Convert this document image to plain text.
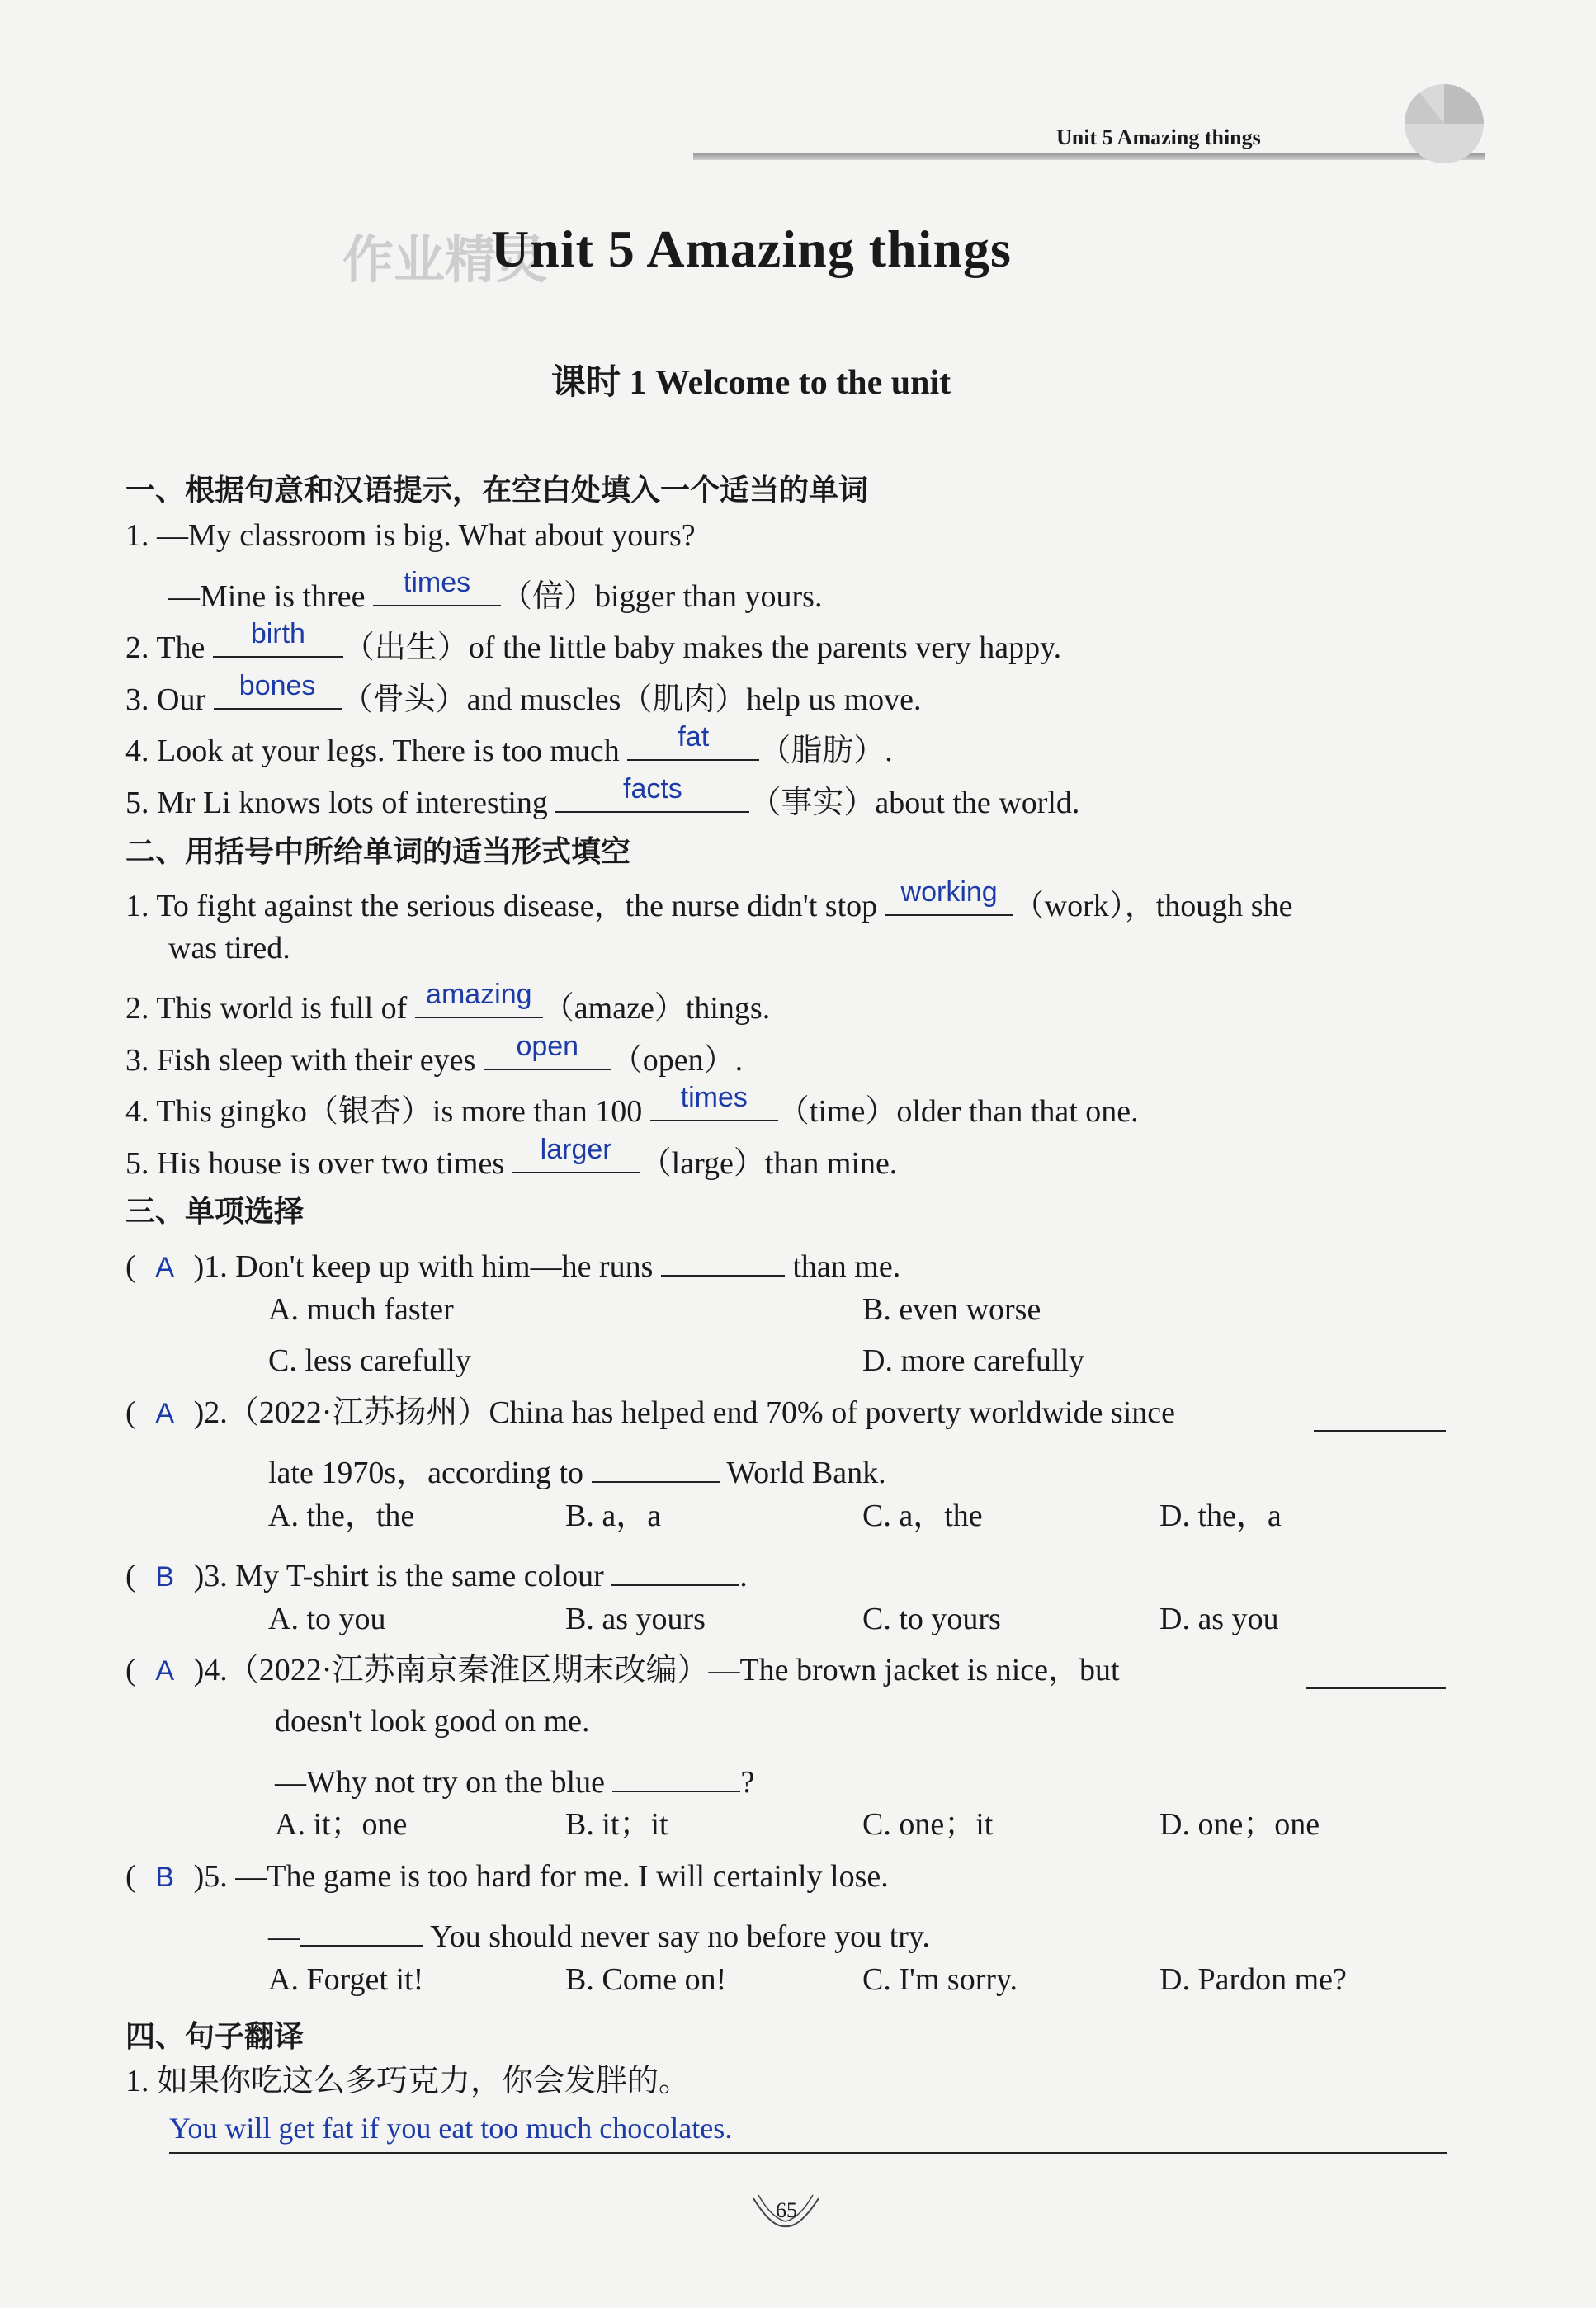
Unit 5 Amazing things
作业精灵
Unit 5 Amazing things
课时 1 Welcome to the unit
一、根据句意和汉语提示，在空白处填入一个适当的单词
1. —My classroom is big. What about yours?
—Mine is three	times （倍）bigger than yours.
2. The	birth	（出生）of the little baby makes the parents very happy.
3. Our	bones （骨头）and muscles（肌肉）help us move.
4. Look at your legs. There is too much	fat	（脂肪）.
5. Mr Li knows lots of interesting	facts	（事实）about the world.
二、用括号中所给单词的适当形式填空
1. To fight against the serious disease，the nurse didn't stop working （work），though she
was tired.
2. This world is full of amazing （amaze）things.
3. Fish sleep with their eyes	open	（open）.
4. This gingko（银杏）is more than 100	times （time）older than that one.
5. His house is over two times	larger （large）than mine.
三、单项选择
( A )1. Don't keep up with him—he runs	than me.
A. much faster	B. even worse
C. less carefully	D. more carefully
( A )2.（2022·江苏扬州）China has helped end 70% of poverty worldwide since
late 1970s，according to	World Bank.
A. the，the	B. a，a	C. a，the	D. the，a
( B )3. My T-shirt is the same colour	.
A. to you	B. as yours	C. to yours	D. as you
( A )4.（2022·江苏南京秦淮区期末改编）—The brown jacket is nice，but
doesn't look good on me.
—Why not try on the blue	?
A. it；one	B. it；it	C. one；it	D. one；one
( B )5. —The game is too hard for me. I will certainly lose.
—	You should never say no before you try.
A. Forget it!	B. Come on!	C. I'm sorry.	D. Pardon me?
四、句子翻译
1. 如果你吃这么多巧克力，你会发胖的。
You will get fat if you eat too much chocolates.
65
